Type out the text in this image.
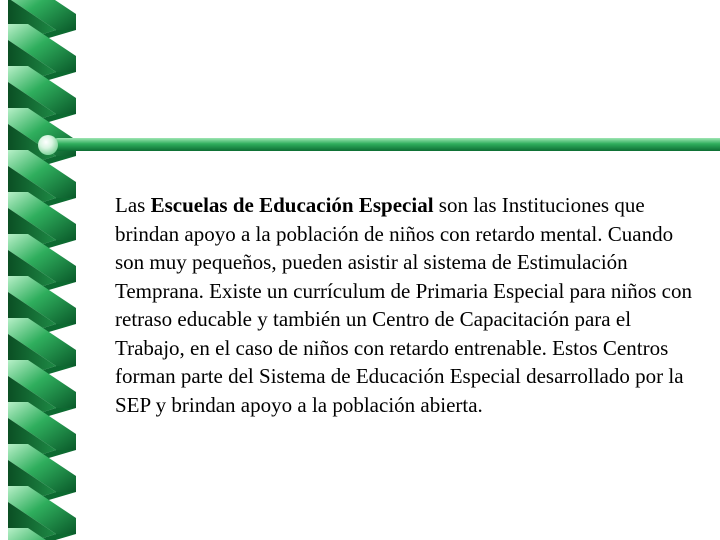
Las Escuelas de Educación Especial son las Instituciones que brindan apoyo a la población de niños con retardo mental. Cuando son muy pequeños, pueden asistir al sistema de Estimulación Temprana. Existe un currículum de Primaria Especial para niños con retraso educable y también un Centro de Capacitación para el Trabajo, en el caso de niños con retardo entrenable. Estos Centros forman parte del Sistema de Educación Especial desarrollado por la SEP y brindan apoyo a la población abierta.
